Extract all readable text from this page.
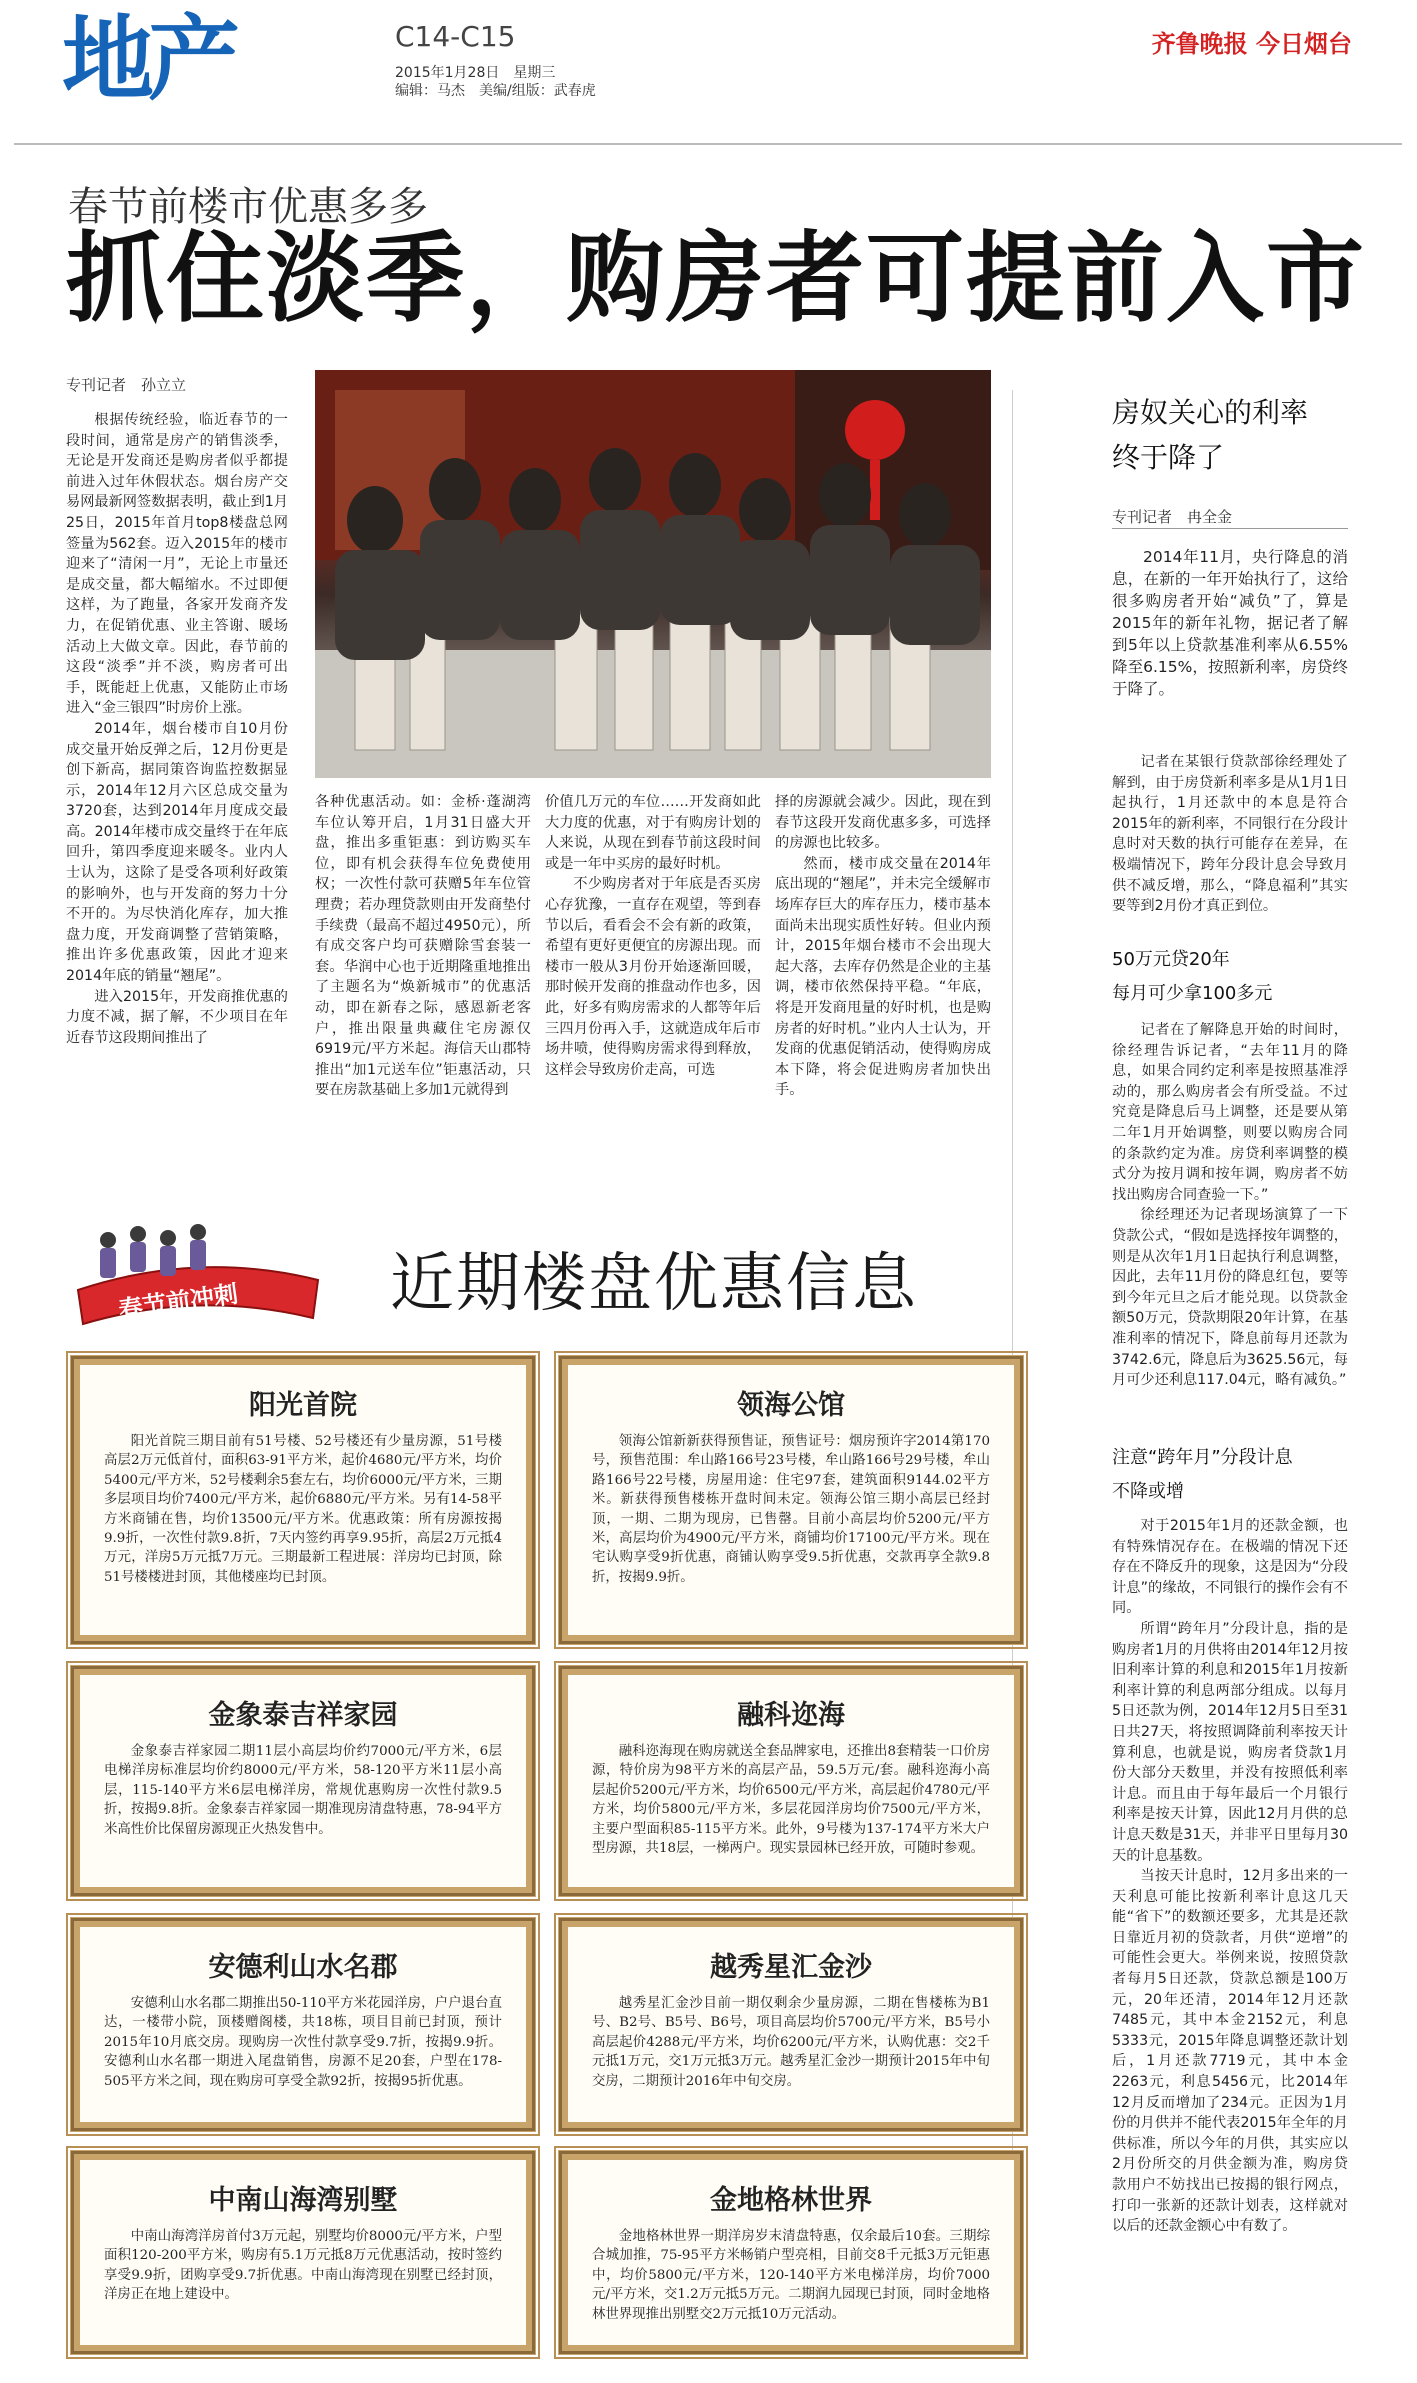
地产	C14-C15
2015年1月28日　星期三
编辑：马杰　美编/组版：武春虎
齐鲁晚报 今日烟台
春节前楼市优惠多多
抓住淡季，购房者可提前入市
专刊记者　孙立立

根据传统经验，临近春节的一段时间，通常是房产的销售淡季，无论是开发商还是购房者似乎都提前进入过年休假状态。烟台房产交易网最新网签数据表明，截止到1月25日，2015年首月top8楼盘总网签量为562套。迈入2015年的楼市迎来了“清闲一月”，无论上市量还是成交量，都大幅缩水。不过即便这样，为了跑量，各家开发商齐发力，在促销优惠、业主答谢、暖场活动上大做文章。因此，春节前的这段“淡季”并不淡，购房者可出手，既能赶上优惠，又能防止市场进入“金三银四”时房价上涨。

2014年，烟台楼市自10月份成交量开始反弹之后，12月份更是创下新高，据同策咨询监控数据显示，2014年12月六区总成交量为3720套，达到2014年月度成交最高。2014年楼市成交量终于在年底回升，第四季度迎来暖冬。业内人士认为，这除了是受各项利好政策的影响外，也与开发商的努力十分不开的。为尽快消化库存，加大推盘力度，开发商调整了营销策略，推出许多优惠政策，因此才迎来2014年底的销量“翘尾”。

进入2015年，开发商推优惠的力度不减，据了解，不少项目在年近春节这段期间推出了

各种优惠活动。如：金桥·蓬湖湾车位认筹开启，1月31日盛大开盘，推出多重钜惠：到访购买车位，即有机会获得车位免费使用权；一次性付款可获赠5年车位管理费；若办理贷款则由开发商垫付手续费（最高不超过4950元），所有成交客户均可获赠除雪套装一套。华润中心也于近期隆重地推出了主题名为“焕新城市”的优惠活动，即在新春之际，感恩新老客户，推出限量典藏住宅房源仅6919元/平方米起。海信天山郡特推出“加1元送车位”钜惠活动，只要在房款基础上多加1元就得到

价值几万元的车位……开发商如此大力度的优惠，对于有购房计划的人来说，从现在到春节前这段时间或是一年中买房的最好时机。

不少购房者对于年底是否买房心存犹豫，一直存在观望，等到春节以后，看看会不会有新的政策，希望有更好更便宜的房源出现。而楼市一般从3月份开始逐渐回暖，那时候开发商的推盘动作也多，因此，好多有购房需求的人都等年后三四月份再入手，这就造成年后市场井喷，使得购房需求得到释放，这样会导致房价走高，可选

择的房源就会减少。因此，现在到春节这段开发商优惠多多，可选择的房源也比较多。

然而，楼市成交量在2014年底出现的“翘尾”，并未完全缓解市场库存巨大的库存压力，楼市基本面尚未出现实质性好转。但业内预计，2015年烟台楼市不会出现大起大落，去库存仍然是企业的主基调，楼市依然保持平稳。“年底，将是开发商甩量的好时机，也是购房者的好时机。”业内人士认为，开发商的优惠促销活动，使得购房成本下降，将会促进购房者加快出手。

房奴关心的利率
终于降了
专刊记者　冉全金

2014年11月，央行降息的消息，在新的一年开始执行了，这给很多购房者开始“减负”了，算是2015年的新年礼物，据记者了解到5年以上贷款基准利率从6.55%降至6.15%，按照新利率，房贷终于降了。

记者在某银行贷款部徐经理处了解到，由于房贷新利率多是从1月1日起执行，1月还款中的本息是符合2015年的新利率，不同银行在分段计息时对天数的执行可能存在差异，在极端情况下，跨年分段计息会导致月供不减反增，那么，“降息福利”其实要等到2月份才真正到位。

50万元贷20年
每月可少拿100多元

记者在了解降息开始的时间时，徐经理告诉记者，“去年11月的降息，如果合同约定利率是按照基准浮动的，那么购房者会有所受益。不过究竟是降息后马上调整，还是要从第二年1月开始调整，则要以购房合同的条款约定为准。房贷利率调整的模式分为按月调和按年调，购房者不妨找出购房合同查验一下。”

徐经理还为记者现场演算了一下贷款公式，“假如是选择按年调整的，则是从次年1月1日起执行利息调整，因此，去年11月份的降息红包，要等到今年元旦之后才能兑现。以贷款金额50万元，贷款期限20年计算，在基准利率的情况下，降息前每月还款为3742.6元，降息后为3625.56元，每月可少还利息117.04元，略有减负。”

注意“跨年月”分段计息
不降或增

对于2015年1月的还款金额，也有特殊情况存在。在极端的情况下还存在不降反升的现象，这是因为“分段计息”的缘故，不同银行的操作会有不同。

所谓“跨年月”分段计息，指的是购房者1月的月供将由2014年12月按旧利率计算的利息和2015年1月按新利率计算的利息两部分组成。以每月5日还款为例，2014年12月5日至31日共27天，将按照调降前利率按天计算利息，也就是说，购房者贷款1月份大部分天数里，并没有按照低利率计息。而且由于每年最后一个月银行利率是按天计算，因此12月月供的总计息天数是31天，并非平日里每月30天的计息基数。

当按天计息时，12月多出来的一天利息可能比按新利率计息这几天能“省下”的数额还要多，尤其是还款日靠近月初的贷款者，月供“逆增”的可能性会更大。举例来说，按照贷款者每月5日还款，贷款总额是100万元，20年还清，2014年12月还款7485元，其中本金2152元，利息5333元，2015年降息调整还款计划后，1月还款7719元，其中本金2263元，利息5456元，比2014年12月反而增加了234元。正因为1月份的月供并不能代表2015年全年的月供标准，所以今年的月供，其实应以2月份所交的月供金额为准，购房贷款用户不妨找出已按揭的银行网点，打印一张新的还款计划表，这样就对以后的还款金额心中有数了。

春节前冲刺 近期楼盘优惠信息
阳光首院
阳光首院三期目前有51号楼、52号楼还有少量房源，51号楼高层2万元低首付，面积63-91平方米，起价4680元/平方米，均价5400元/平方米，52号楼剩余5套左右，均价6000元/平方米，三期多层项目均价7400元/平方米，起价6880元/平方米。另有14-58平方米商铺在售，均价13500元/平方米。优惠政策：所有房源按揭9.9折，一次性付款9.8折，7天内签约再享9.95折，高层2万元抵4万元，洋房5万元抵7万元。三期最新工程进展：洋房均已封顶，除51号楼楼进封顶，其他楼座均已封顶。
领海公馆
领海公馆新新获得预售证，预售证号：烟房预许字2014第170号，预售范围：牟山路166号23号楼，牟山路166号29号楼，牟山路166号22号楼，房屋用途：住宅97套，建筑面积9144.02平方米。新获得预售楼栋开盘时间未定。领海公馆三期小高层已经封顶，一期、二期为现房，已售罄。目前小高层均价5200元/平方米，高层均价为4900元/平方米，商铺均价17100元/平方米。现在宅认购享受9折优惠，商铺认购享受9.5折优惠，交款再享全款9.8折，按揭9.9折。
金象泰吉祥家园
金象泰吉祥家园二期11层小高层均价约7000元/平方米，6层电梯洋房标准层均价约8000元/平方米，58-120平方米11层小高层，115-140平方米6层电梯洋房，常规优惠购房一次性付款9.5折，按揭9.8折。金象泰吉祥家园一期准现房清盘特惠，78-94平方米高性价比保留房源现正火热发售中。
融科迩海
融科迩海现在购房就送全套品牌家电，还推出8套精装一口价房源，特价房为98平方米的高层产品，59.5万元/套。融科迩海小高层起价5200元/平方米，均价6500元/平方米，高层起价4780元/平方米，均价5800元/平方米，多层花园洋房均价7500元/平方米，主要户型面积85-115平方米。此外，9号楼为137-174平方米大户型房源，共18层，一梯两户。现实景园林已经开放，可随时参观。
安德利山水名郡
安德利山水名郡二期推出50-110平方米花园洋房，户户退台直达，一楼带小院，顶楼赠阁楼，共18栋，项目目前已封顶，预计2015年10月底交房。现购房一次性付款享受9.7折，按揭9.9折。安德利山水名郡一期进入尾盘销售，房源不足20套，户型在178-505平方米之间，现在购房可享受全款92折，按揭95折优惠。
越秀星汇金沙
越秀星汇金沙目前一期仅剩余少量房源，二期在售楼栋为B1号、B2号、B5号、B6号，项目高层均价5700元/平方米，B5号小高层起价4288元/平方米，均价6200元/平方米，认购优惠：交2千元抵1万元，交1万元抵3万元。越秀星汇金沙一期预计2015年中旬交房，二期预计2016年中旬交房。
中南山海湾别墅
中南山海湾洋房首付3万元起，别墅均价8000元/平方米，户型面积120-200平方米，购房有5.1万元抵8万元优惠活动，按时签约享受9.9折，团购享受9.7折优惠。中南山海湾现在别墅已经封顶，洋房正在地上建设中。
金地格林世界
金地格林世界一期洋房岁末清盘特惠，仅余最后10套。三期综合城加推，75-95平方米畅销户型亮相，目前交8千元抵3万元钜惠中，均价5800元/平方米，120-140平方米电梯洋房，均价7000元/平方米，交1.2万元抵5万元。二期润九园现已封顶，同时金地格林世界现推出别墅交2万元抵10万元活动。
